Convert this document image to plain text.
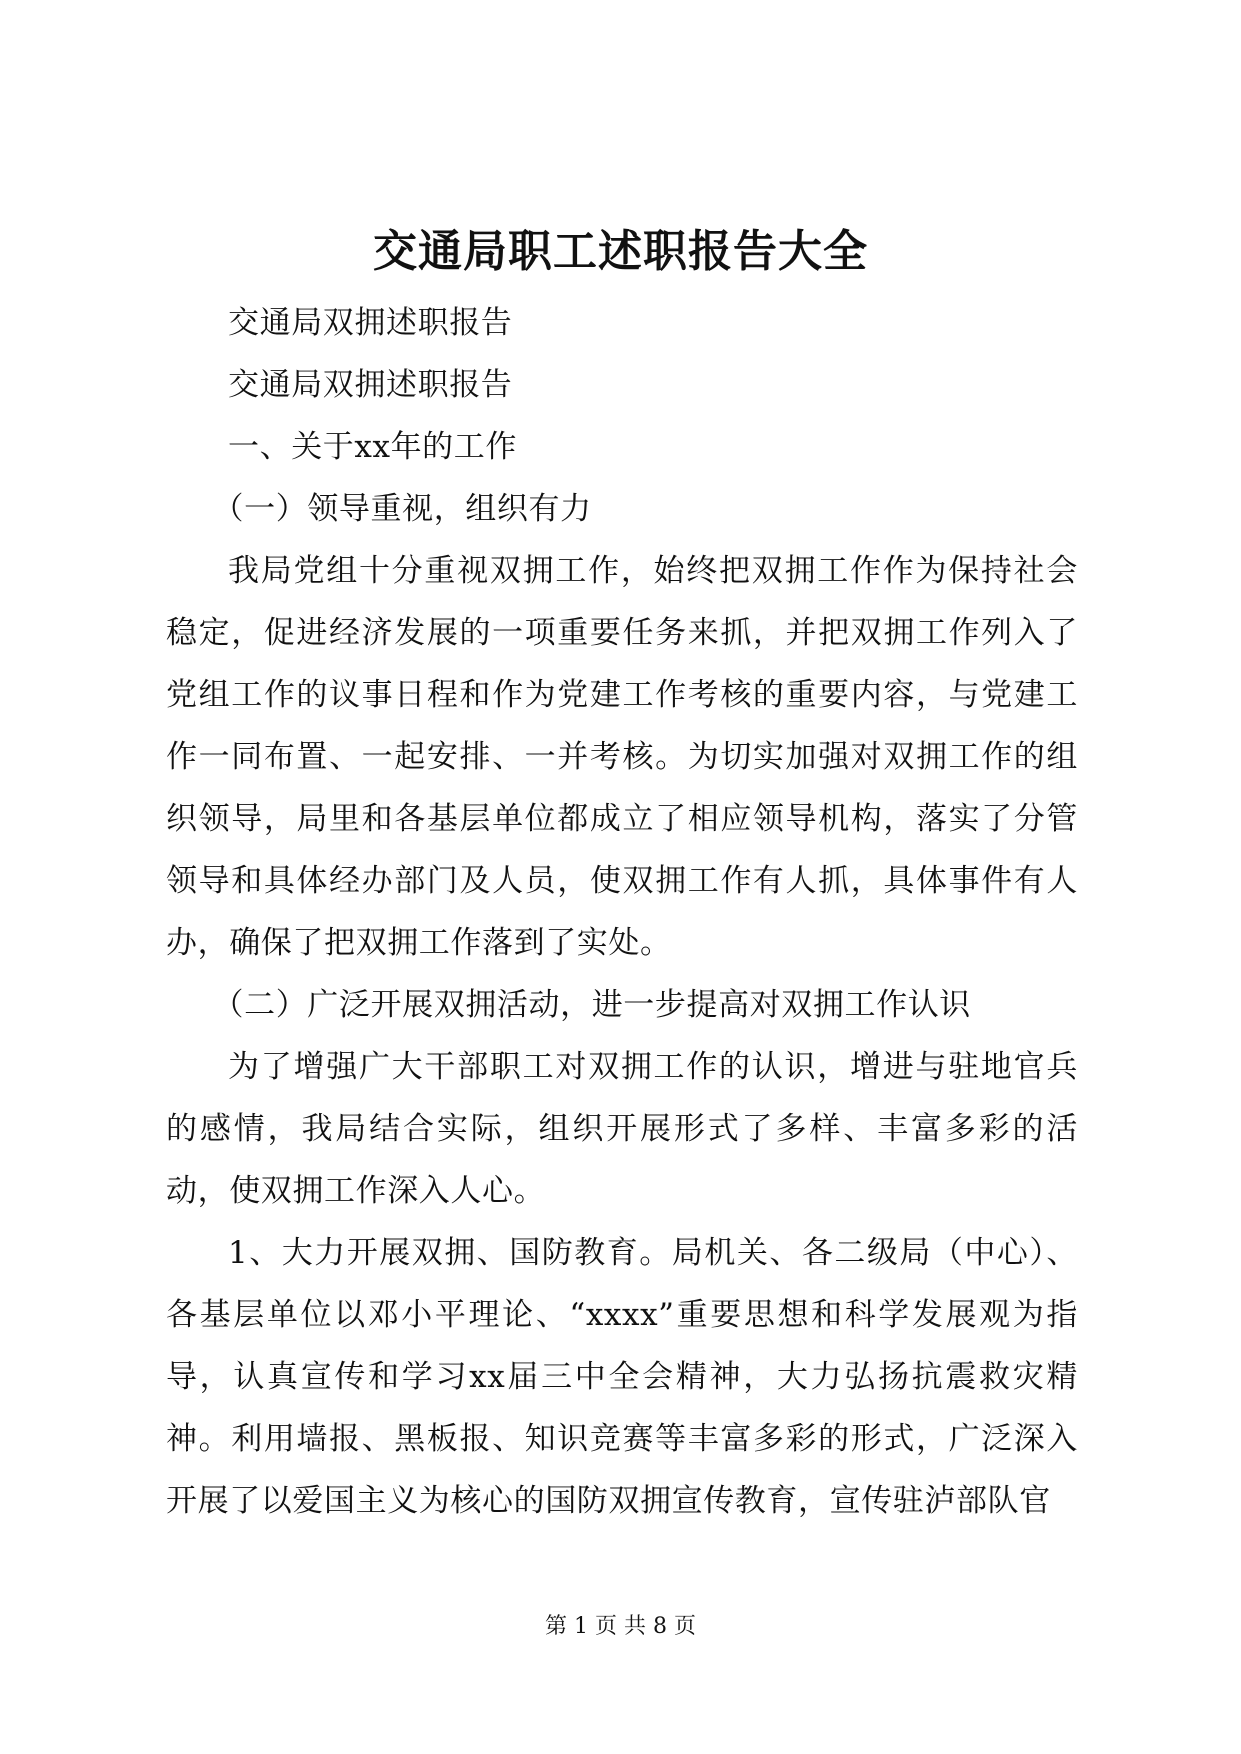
交通局职工述职报告大全

交通局双拥述职报告

交通局双拥述职报告

一、关于xx年的工作

（一）领导重视，组织有力

我局党组十分重视双拥工作，始终把双拥工作作为保持社会稳定，促进经济发展的一项重要任务来抓，并把双拥工作列入了党组工作的议事日程和作为党建工作考核的重要内容，与党建工作一同布置、一起安排、一并考核。为切实加强对双拥工作的组织领导，局里和各基层单位都成立了相应领导机构，落实了分管领导和具体经办部门及人员，使双拥工作有人抓，具体事件有人办，确保了把双拥工作落到了实处。

（二）广泛开展双拥活动，进一步提高对双拥工作认识

为了增强广大干部职工对双拥工作的认识，增进与驻地官兵的感情，我局结合实际，组织开展形式了多样、丰富多彩的活动，使双拥工作深入人心。

1、大力开展双拥、国防教育。局机关、各二级局（中心）、各基层单位以邓小平理论、“xxxx”重要思想和科学发展观为指导，认真宣传和学习xx届三中全会精神，大力弘扬抗震救灾精神。利用墙报、黑板报、知识竞赛等丰富多彩的形式，广泛深入开展了以爱国主义为核心的国防双拥宣传教育，宣传驻泸部队官

第 1 页 共 8 页
